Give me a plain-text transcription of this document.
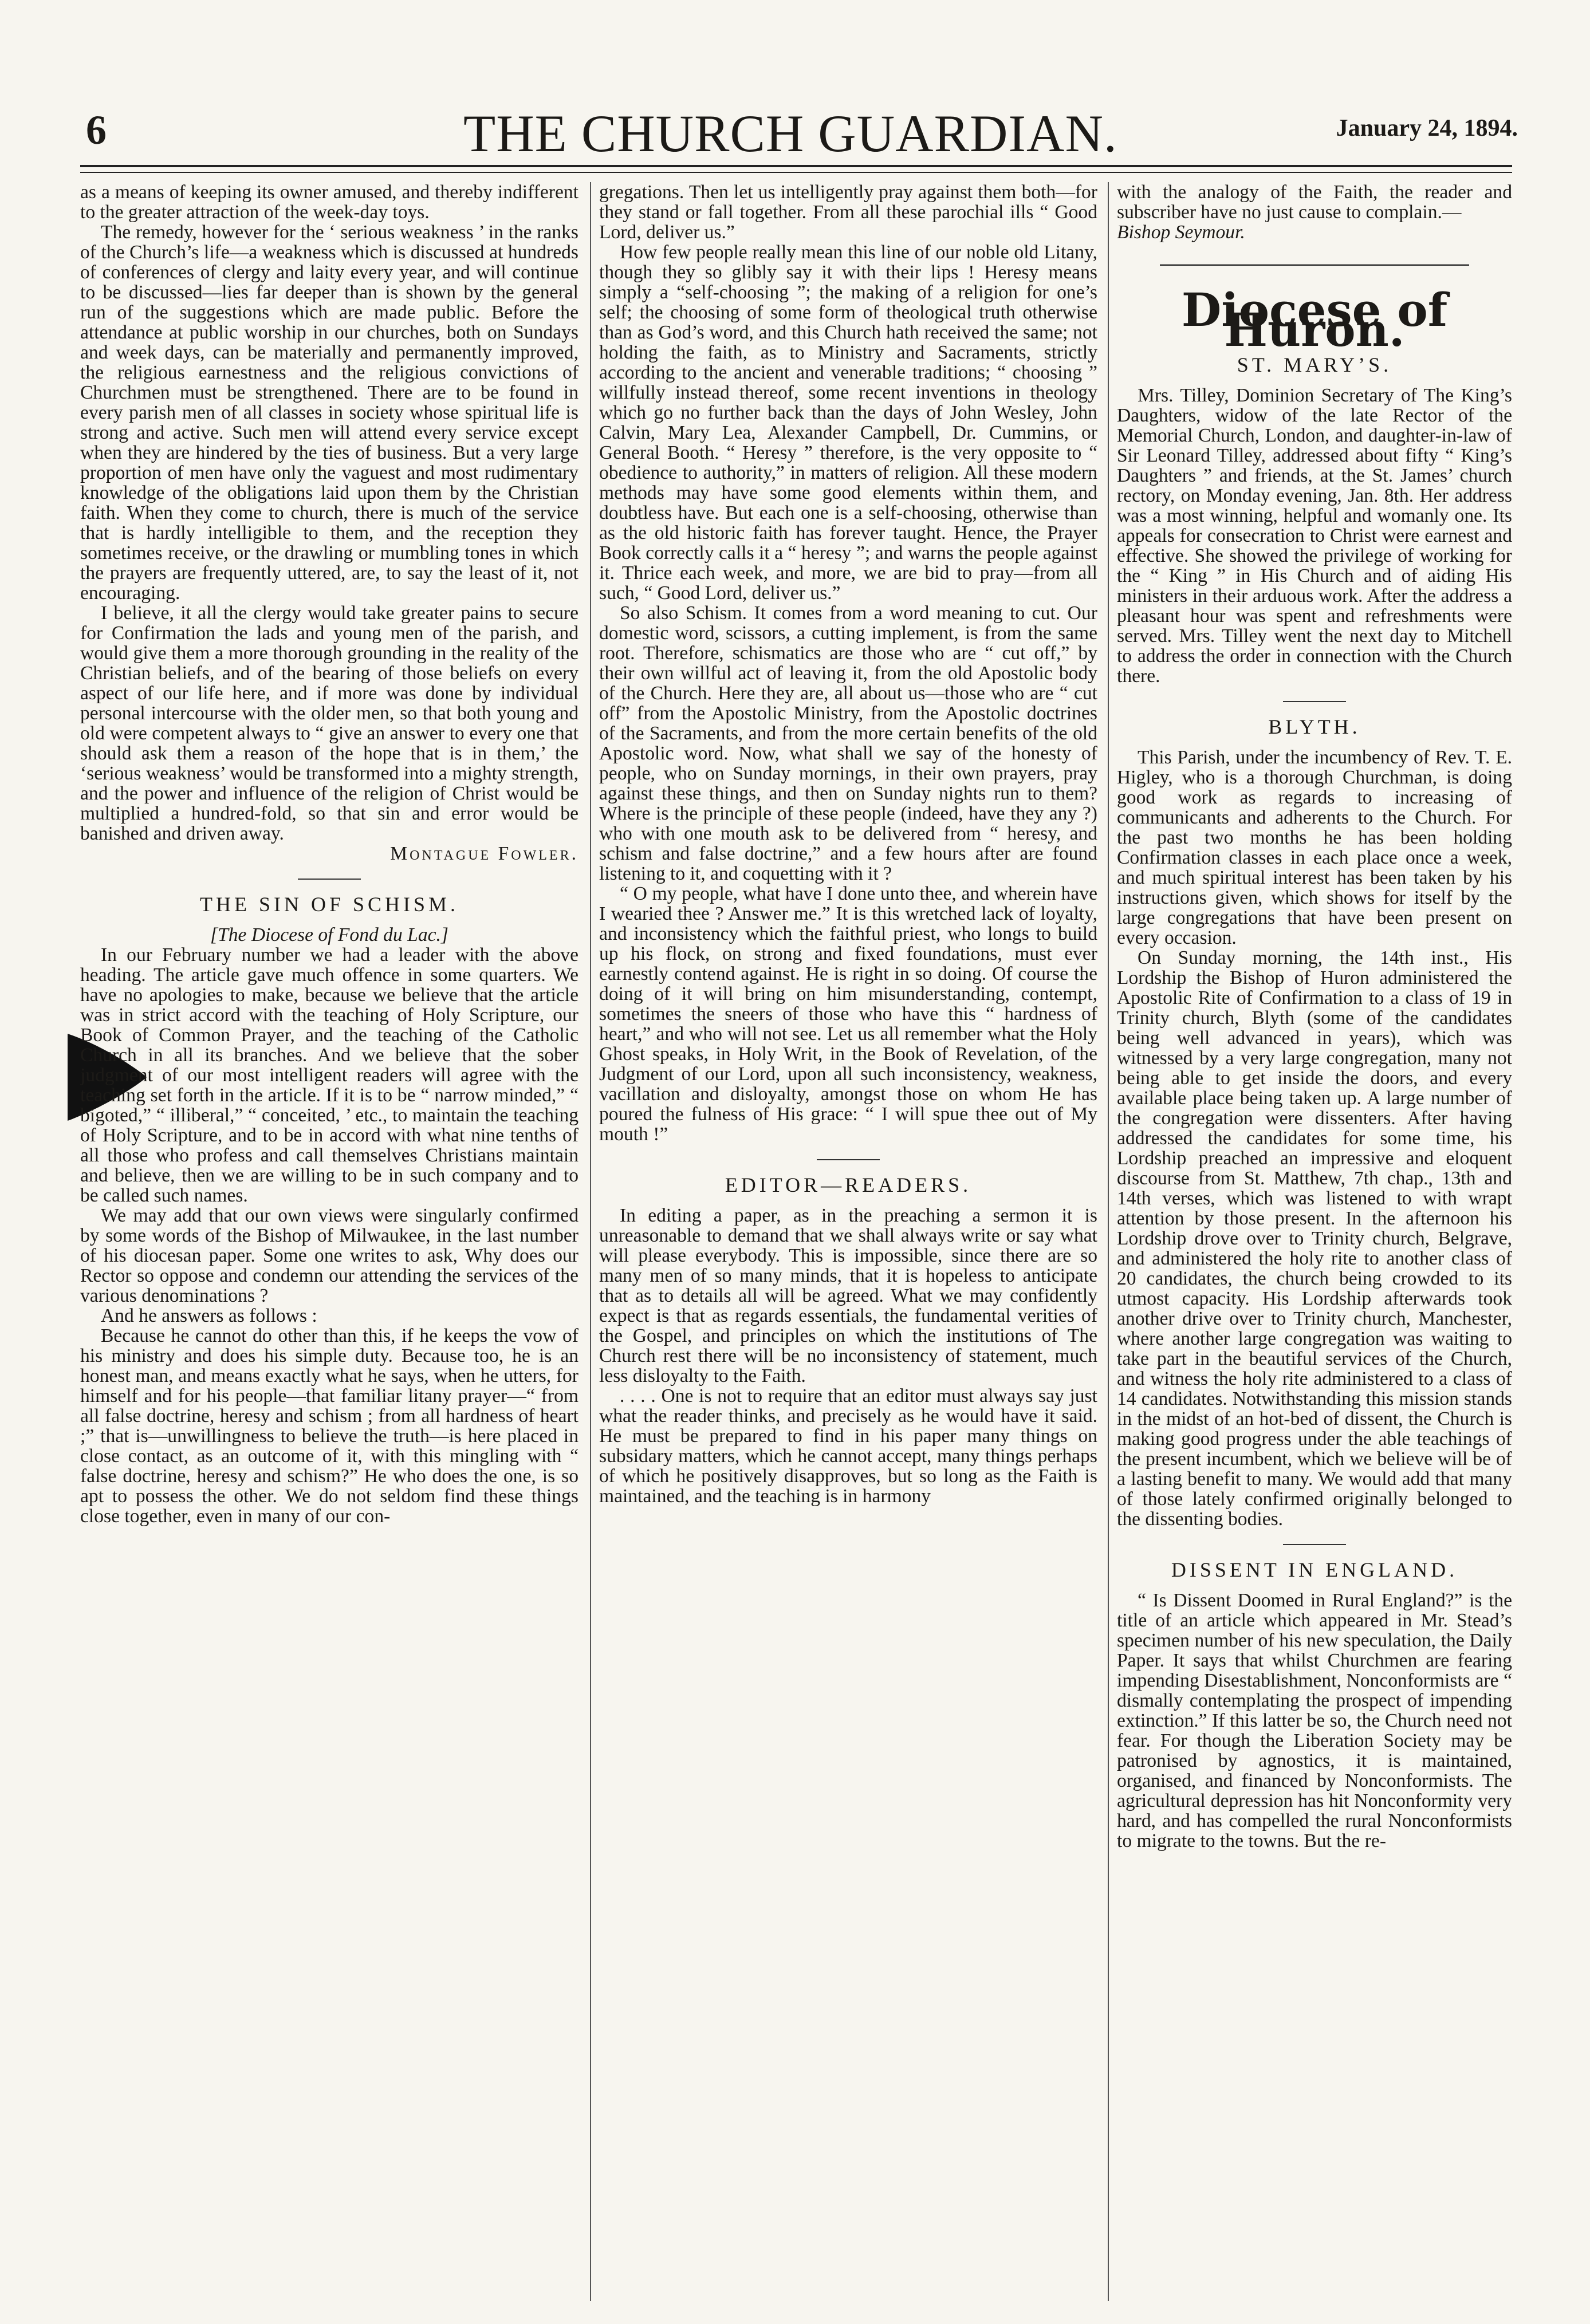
6	THE CHURCH GUARDIAN.	January 24, 1894.

as a means of keeping its owner amused, and thereby indifferent to the greater attraction of the week-day toys.

The remedy, however for the ‘ serious weakness ’ in the ranks of the Church’s life—a weakness which is discussed at hundreds of conferences of clergy and laity every year, and will continue to be discussed—lies far deeper than is shown by the general run of the suggestions which are made public. Before the attendance at public worship in our churches, both on Sundays and week days, can be materially and permanently improved, the religious earnestness and the religious convictions of Churchmen must be strengthened. There are to be found in every parish men of all classes in society whose spiritual life is strong and active. Such men will attend every service except when they are hindered by the ties of business. But a very large proportion of men have only the vaguest and most rudimentary knowledge of the obligations laid upon them by the Christian faith. When they come to church, there is much of the service that is hardly intelligible to them, and the reception they sometimes receive, or the drawling or mumbling tones in which the prayers are frequently uttered, are, to say the least of it, not encouraging.

I believe, it all the clergy would take greater pains to secure for Confirmation the lads and young men of the parish, and would give them a more thorough grounding in the reality of the Christian beliefs, and of the bearing of those beliefs on every aspect of our life here, and if more was done by individual personal intercourse with the older men, so that both young and old were competent always to “ give an answer to every one that should ask them a reason of the hope that is in them,’ the ‘serious weakness’ would be transformed into a mighty strength, and the power and influence of the religion of Christ would be multiplied a hundred-fold, so that sin and error would be banished and driven away.

Montague Fowler.

THE SIN OF SCHISM.

[The Diocese of Fond du Lac.]

In our February number we had a leader with the above heading. The article gave much offence in some quarters. We have no apologies to make, because we believe that the article was in strict accord with the teaching of Holy Scripture, our Book of Common Prayer, and the teaching of the Catholic Church in all its branches. And we believe that the sober judgment of our most intelligent readers will agree with the teaching set forth in the article. If it is to be “ narrow minded,” “ bigoted,” “ illiberal,” “ conceited, ’ etc., to maintain the teaching of Holy Scripture, and to be in accord with what nine tenths of all those who profess and call themselves Christians maintain and believe, then we are willing to be in such company and to be called such names.

We may add that our own views were singularly confirmed by some words of the Bishop of Milwaukee, in the last number of his diocesan paper. Some one writes to ask, Why does our Rector so oppose and condemn our attending the services of the various denominations ?

And he answers as follows :

Because he cannot do other than this, if he keeps the vow of his ministry and does his simple duty. Because too, he is an honest man, and means exactly what he says, when he utters, for himself and for his people—that familiar litany prayer—“ from all false doctrine, heresy and schism ; from all hardness of heart ;” that is—unwillingness to believe the truth—is here placed in close contact, as an outcome of it, with this mingling with “ false doctrine, heresy and schism?” He who does the one, is so apt to possess the other. We do not seldom find these things close together, even in many of our con-

gregations. Then let us intelligently pray against them both—for they stand or fall together. From all these parochial ills “ Good Lord, deliver us.”

How few people really mean this line of our noble old Litany, though they so glibly say it with their lips ! Heresy means simply a “self-choosing ”; the making of a religion for one’s self; the choosing of some form of theological truth otherwise than as God’s word, and this Church hath received the same; not holding the faith, as to Ministry and Sacraments, strictly according to the ancient and venerable traditions; “ choosing ” willfully instead thereof, some recent inventions in theology which go no further back than the days of John Wesley, John Calvin, Mary Lea, Alexander Campbell, Dr. Cummins, or General Booth. “ Heresy ” therefore, is the very opposite to “ obedience to authority,” in matters of religion. All these modern methods may have some good elements within them, and doubtless have. But each one is a self-choosing, otherwise than as the old historic faith has forever taught. Hence, the Prayer Book correctly calls it a “ heresy ”; and warns the people against it. Thrice each week, and more, we are bid to pray—from all such, “ Good Lord, deliver us.”

So also Schism. It comes from a word meaning to cut. Our domestic word, scissors, a cutting implement, is from the same root. Therefore, schismatics are those who are “ cut off,” by their own willful act of leaving it, from the old Apostolic body of the Church. Here they are, all about us—those who are “ cut off” from the Apostolic Ministry, from the Apostolic doctrines of the Sacraments, and from the more certain benefits of the old Apostolic word. Now, what shall we say of the honesty of people, who on Sunday mornings, in their own prayers, pray against these things, and then on Sunday nights run to them? Where is the principle of these people (indeed, have they any ?) who with one mouth ask to be delivered from “ heresy, and schism and false doctrine,” and a few hours after are found listening to it, and coquetting with it ?

“ O my people, what have I done unto thee, and wherein have I wearied thee ? Answer me.” It is this wretched lack of loyalty, and inconsistency which the faithful priest, who longs to build up his flock, on strong and fixed foundations, must ever earnestly contend against. He is right in so doing. Of course the doing of it will bring on him misunderstanding, contempt, sometimes the sneers of those who have this “ hardness of heart,” and who will not see. Let us all remember what the Holy Ghost speaks, in Holy Writ, in the Book of Revelation, of the Judgment of our Lord, upon all such inconsistency, weakness, vacillation and disloyalty, amongst those on whom He has poured the fulness of His grace: “ I will spue thee out of My mouth !”

EDITOR—READERS.

In editing a paper, as in the preaching a sermon it is unreasonable to demand that we shall always write or say what will please everybody. This is impossible, since there are so many men of so many minds, that it is hopeless to anticipate that as to details all will be agreed. What we may confidently expect is that as regards essentials, the fundamental verities of the Gospel, and principles on which the institutions of The Church rest there will be no inconsistency of statement, much less disloyalty to the Faith.

. . . . One is not to require that an editor must always say just what the reader thinks, and precisely as he would have it said. He must be prepared to find in his paper many things on subsidary matters, which he cannot accept, many things perhaps of which he positively disapproves, but so long as the Faith is maintained, and the teaching is in harmony

with the analogy of the Faith, the reader and subscriber have no just cause to complain.—

Bishop Seymour.

Diocese of Huron.
ST. MARY’S.

Mrs. Tilley, Dominion Secretary of The King’s Daughters, widow of the late Rector of the Memorial Church, London, and daughter-in-law of Sir Leonard Tilley, addressed about fifty “ King’s Daughters ” and friends, at the St. James’ church rectory, on Monday evening, Jan. 8th. Her address was a most winning, helpful and womanly one. Its appeals for consecration to Christ were earnest and effective. She showed the privilege of working for the “ King ” in His Church and of aiding His ministers in their arduous work. After the address a pleasant hour was spent and refreshments were served. Mrs. Tilley went the next day to Mitchell to address the order in connection with the Church there.

BLYTH.

This Parish, under the incumbency of Rev. T. E. Higley, who is a thorough Churchman, is doing good work as regards to increasing of communicants and adherents to the Church. For the past two months he has been holding Confirmation classes in each place once a week, and much spiritual interest has been taken by his instructions given, which shows for itself by the large congregations that have been present on every occasion.

On Sunday morning, the 14th inst., His Lordship the Bishop of Huron administered the Apostolic Rite of Confirmation to a class of 19 in Trinity church, Blyth (some of the candidates being well advanced in years), which was witnessed by a very large congregation, many not being able to get inside the doors, and every available place being taken up. A large number of the congregation were dissenters. After having addressed the candidates for some time, his Lordship preached an impressive and eloquent discourse from St. Matthew, 7th chap., 13th and 14th verses, which was listened to with wrapt attention by those present. In the afternoon his Lordship drove over to Trinity church, Belgrave, and administered the holy rite to another class of 20 candidates, the church being crowded to its utmost capacity. His Lordship afterwards took another drive over to Trinity church, Manchester, where another large congregation was waiting to take part in the beautiful services of the Church, and witness the holy rite administered to a class of 14 candidates. Notwithstanding this mission stands in the midst of an hot-bed of dissent, the Church is making good progress under the able teachings of the present incumbent, which we believe will be of a lasting benefit to many. We would add that many of those lately confirmed originally belonged to the dissenting bodies.

DISSENT IN ENGLAND.

“ Is Dissent Doomed in Rural England?” is the title of an article which appeared in Mr. Stead’s specimen number of his new speculation, the Daily Paper. It says that whilst Churchmen are fearing impending Disestablishment, Nonconformists are “ dismally contemplating the prospect of impending extinction.” If this latter be so, the Church need not fear. For though the Liberation Society may be patronised by agnostics, it is maintained, organised, and financed by Nonconformists. The agricultural depression has hit Nonconformity very hard, and has compelled the rural Nonconformists to migrate to the towns. But the re-
